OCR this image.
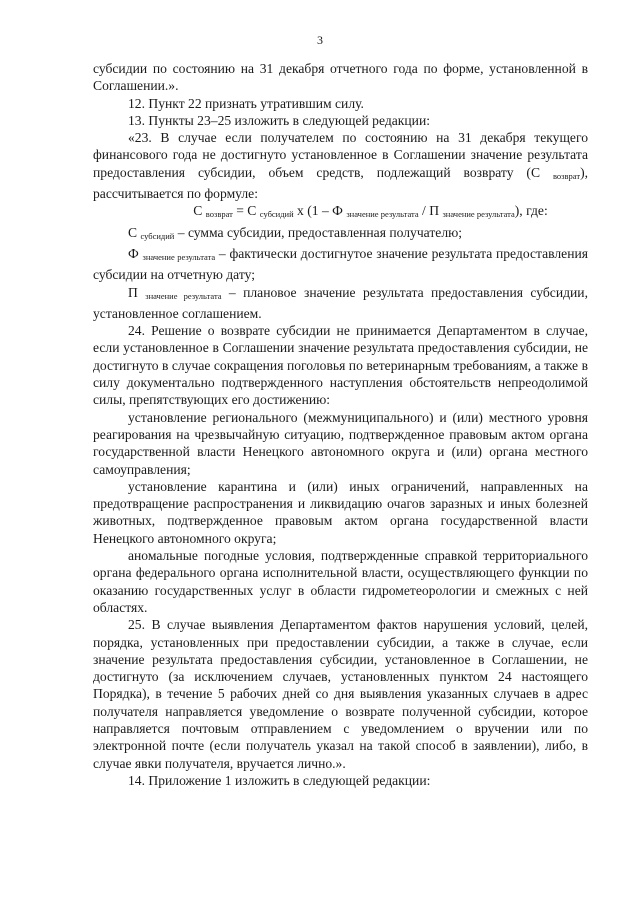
3

субсидии по состоянию на 31 декабря отчетного года по форме, установленной в Соглашении.».

12. Пункт 22 признать утратившим силу.

13. Пункты 23–25 изложить в следующей редакции:

«23. В случае если получателем по состоянию на 31 декабря текущего финансового года не достигнуто установленное в Соглашении значение результата предоставления субсидии, объем средств, подлежащий возврату (С $_{возврат}$), рассчитывается по формуле:

С $_{возврат}$ = С $_{субсидий}$ x (1 – Ф $_{значение результата}$ / П $_{значение результата}$), где:

С $_{субсидий}$ – сумма субсидии, предоставленная получателю;

Ф $_{значение результата}$ – фактически достигнутое значение результата предоставления субсидии на отчетную дату;

П $_{значение результата}$ – плановое значение результата предоставления субсидии, установленное соглашением.

24. Решение о возврате субсидии не принимается Департаментом в случае, если установленное в Соглашении значение результата предоставления субсидии, не достигнуто в случае сокращения поголовья по ветеринарным требованиям, а также в силу документально подтвержденного наступления обстоятельств непреодолимой силы, препятствующих его достижению:

установление регионального (межмуниципального) и (или) местного уровня реагирования на чрезвычайную ситуацию, подтвержденное правовым актом органа государственной власти Ненецкого автономного округа и (или) органа местного самоуправления;

установление карантина и (или) иных ограничений, направленных на предотвращение распространения и ликвидацию очагов заразных и иных болезней животных, подтвержденное правовым актом органа государственной власти Ненецкого автономного округа;

аномальные погодные условия, подтвержденные справкой территориального органа федерального органа исполнительной власти, осуществляющего функции по оказанию государственных услуг в области гидрометеорологии и смежных с ней областях.

25. В случае выявления Департаментом фактов нарушения условий, целей, порядка, установленных при предоставлении субсидии, а также в случае, если значение результата предоставления субсидии, установленное в Соглашении, не достигнуто (за исключением случаев, установленных пунктом 24 настоящего Порядка), в течение 5 рабочих дней со дня выявления указанных случаев в адрес получателя направляется уведомление о возврате полученной субсидии, которое направляется почтовым отправлением с уведомлением о вручении или по электронной почте (если получатель указал на такой способ в заявлении), либо, в случае явки получателя, вручается лично.».

14. Приложение 1 изложить в следующей редакции:
